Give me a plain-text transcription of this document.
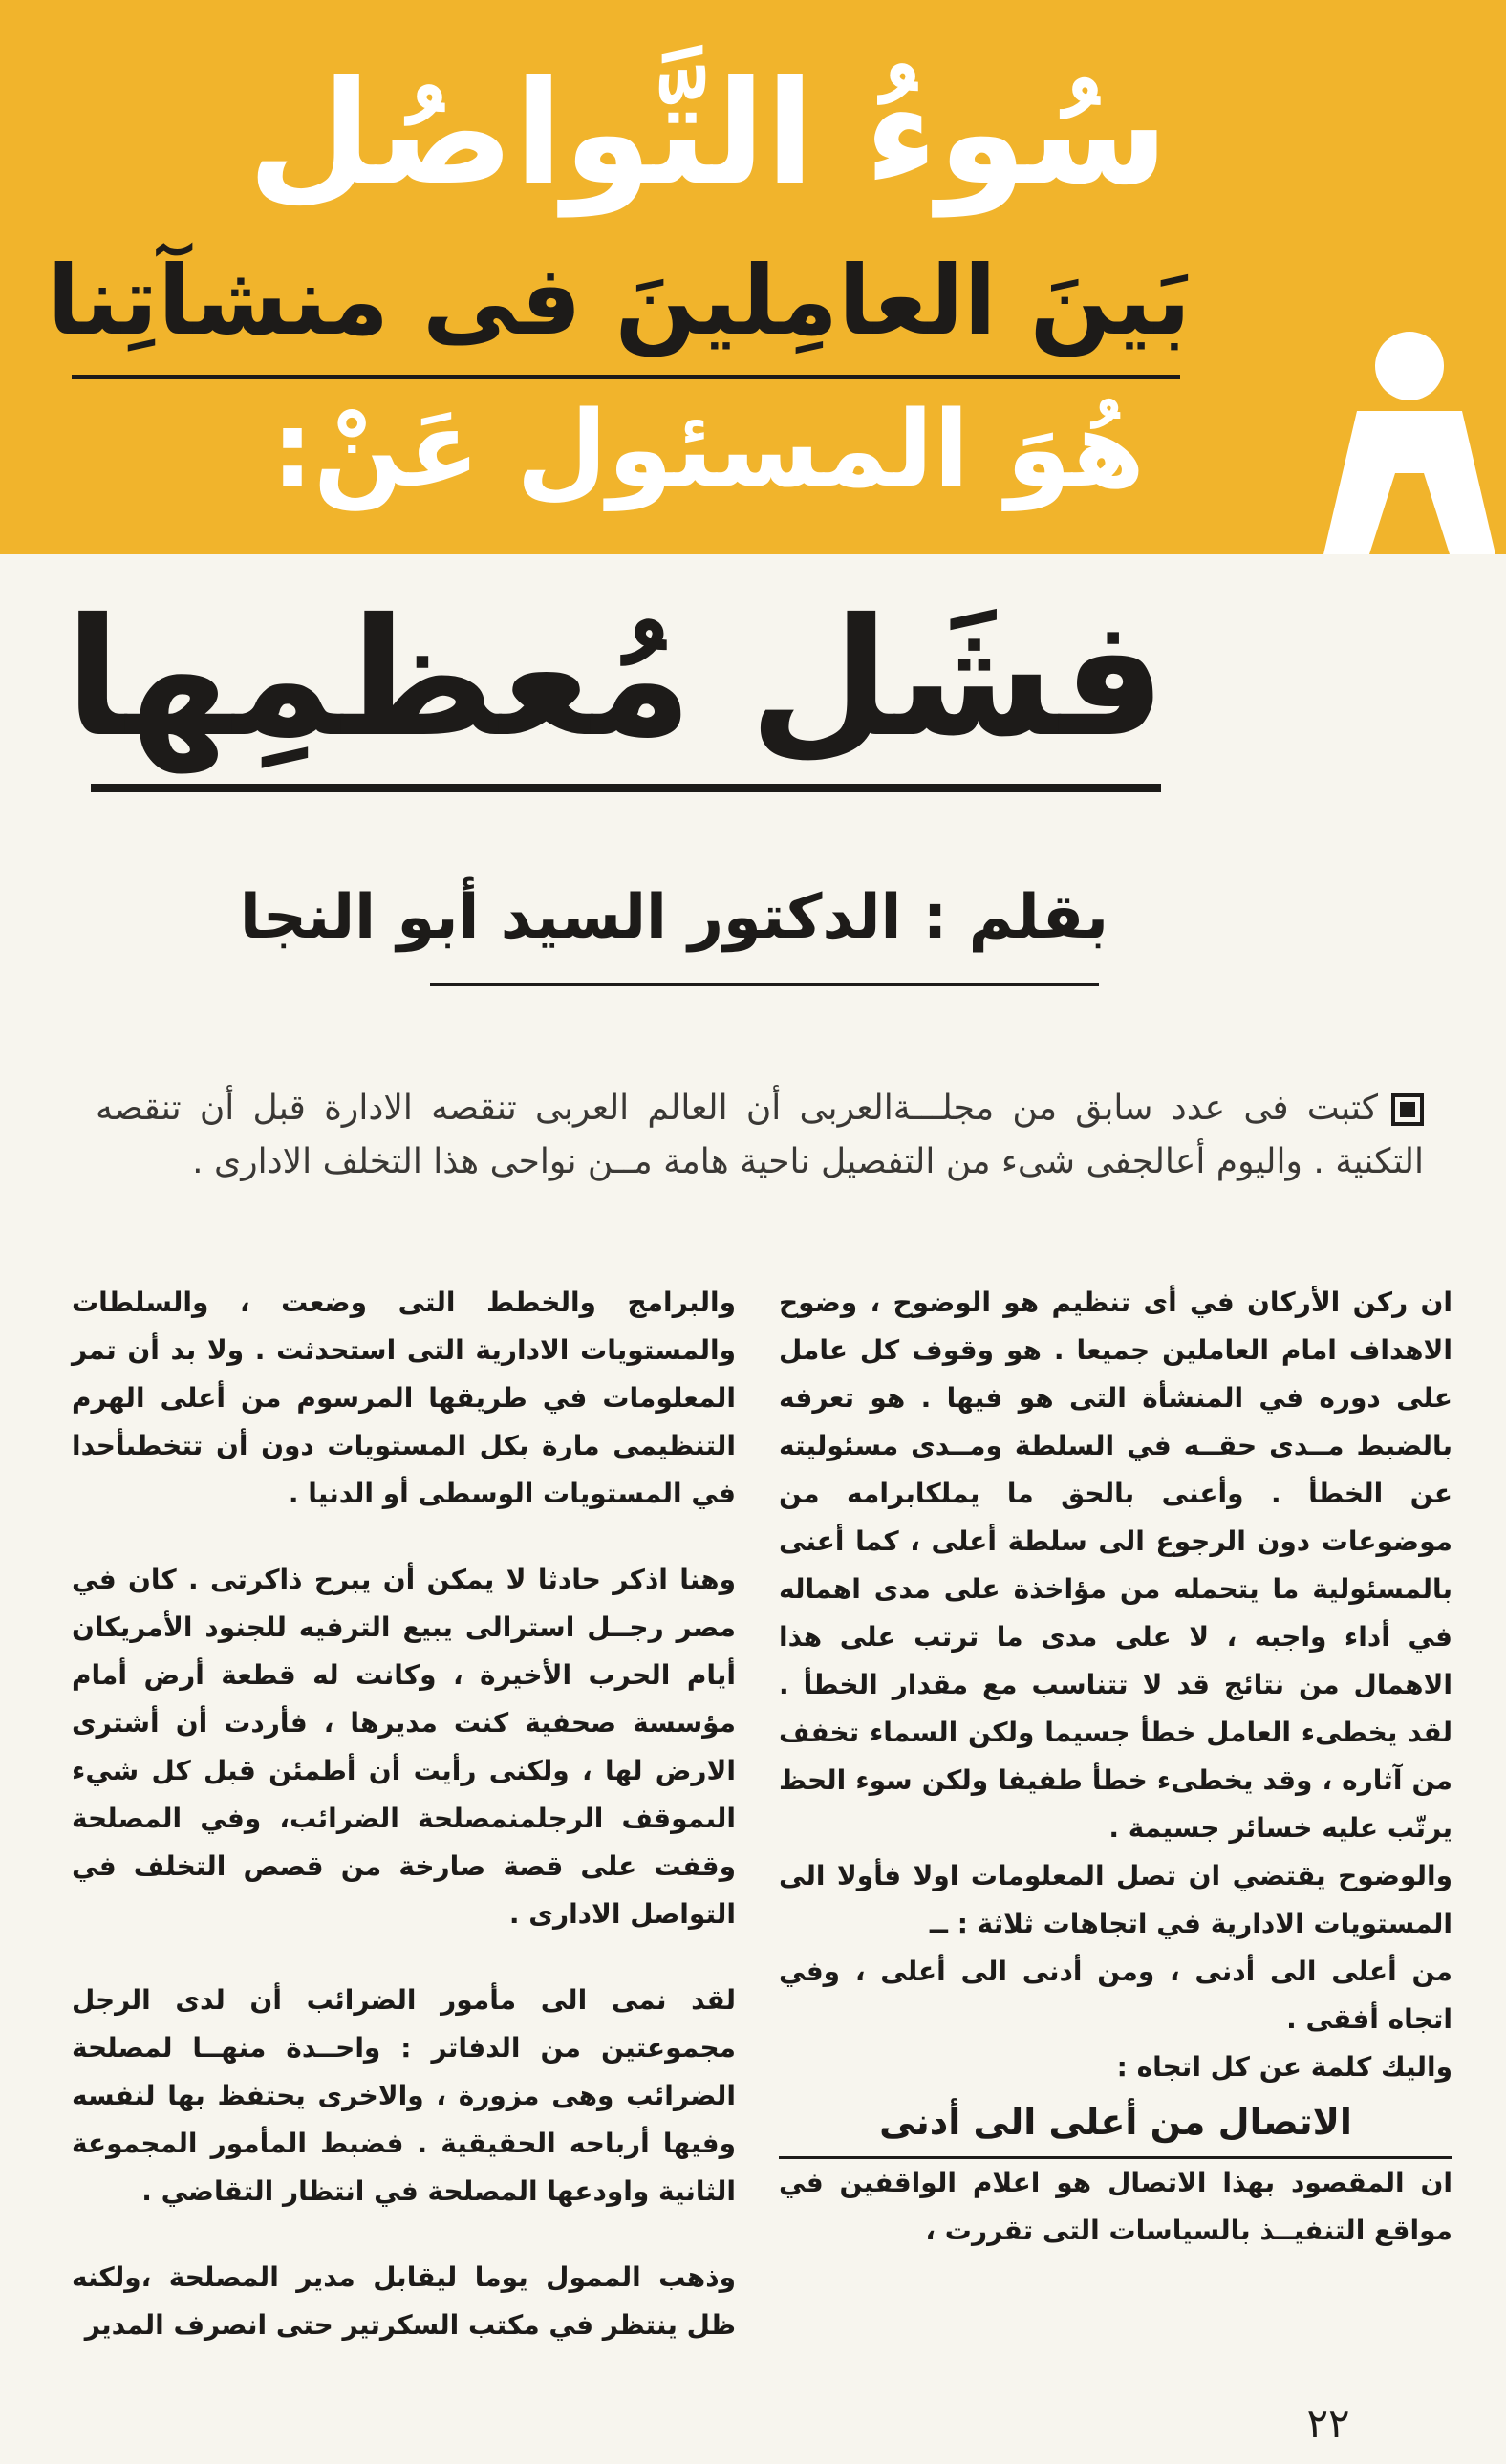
سُوءُ التَّواصُل
بَينَ العامِلينَ فى منشآتِنا
هُوَ المسئول عَنْ:
فشَل مُعظمِها
بقلم : الدكتور السيد أبو النجا
كتبت فى عدد سابق من مجلـــةالعربى أن العالم العربى تنقصه الادارة قبل أن تنقصه التكنية . واليوم أعالجفى شىء من التفصيل ناحية هامة مــن نواحى هذا التخلف الادارى .

ان ركن الأركان في أى تنظيم هو الوضوح ، وضوح الاهداف امام العاملين جميعا . هو وقوف كل عامل على دوره في المنشأة التى هو فيها . هو تعرفه بالضبط مــدى حقــه في السلطة ومــدى مسئوليته عن الخطأ . وأعنى بالحق ما يملكابرامه من موضوعات دون الرجوع الى سلطة أعلى ، كما أعنى بالمسئولية ما يتحمله من مؤاخذة على مدى اهماله في أداء واجبه ، لا على مدى ما ترتب على هذا الاهمال من نتائج قد لا تتناسب مع مقدار الخطأ . لقد يخطىء العامل خطأ جسيما ولكن السماء تخفف من آثاره ، وقد يخطىء خطأ طفيفا ولكن سوء الحظ يرتّب عليه خسائر جسيمة .

والوضوح يقتضي ان تصل المعلومات اولا فأولا الى المستويات الادارية في اتجاهات ثلاثة : ــ

من أعلى الى أدنى ، ومن أدنى الى أعلى ، وفي اتجاه أفقى .

واليك كلمة عن كل اتجاه :

الاتصال من أعلى الى أدنى

ان المقصود بهذا الاتصال هو اعلام الواقفين في مواقع التنفيــذ بالسياسات التى تقررت ،

والبرامج والخطط التى وضعت ، والسلطات والمستويات الادارية التى استحدثت . ولا بد أن تمر المعلومات في طريقها المرسوم من أعلى الهرم التنظيمى مارة بكل المستويات دون أن تتخطىأحدا في المستويات الوسطى أو الدنيا .

وهنا اذكر حادثا لا يمكن أن يبرح ذاكرتى . كان في مصر رجــل استرالى يبيع الترفيه للجنود الأمريكان أيام الحرب الأخيرة ، وكانت له قطعة أرض أمام مؤسسة صحفية كنت مديرها ، فأردت أن أشترى الارض لها ، ولكنى رأيت أن أطمئن قبل كل شيء الىموقف الرجلمنمصلحة الضرائب، وفي المصلحة وقفت على قصة صارخة من قصص التخلف في التواصل الادارى .

لقد نمى الى مأمور الضرائب أن لدى الرجل مجموعتين من الدفاتر : واحــدة منهــا لمصلحة الضرائب وهى مزورة ، والاخرى يحتفظ بها لنفسه وفيها أرباحه الحقيقية . فضبط المأمور المجموعة الثانية واودعها المصلحة في انتظار التقاضي .

وذهب الممول يوما ليقابل مدير المصلحة ،ولكنه ظل ينتظر في مكتب السكرتير حتى انصرف المدير

٢٢
